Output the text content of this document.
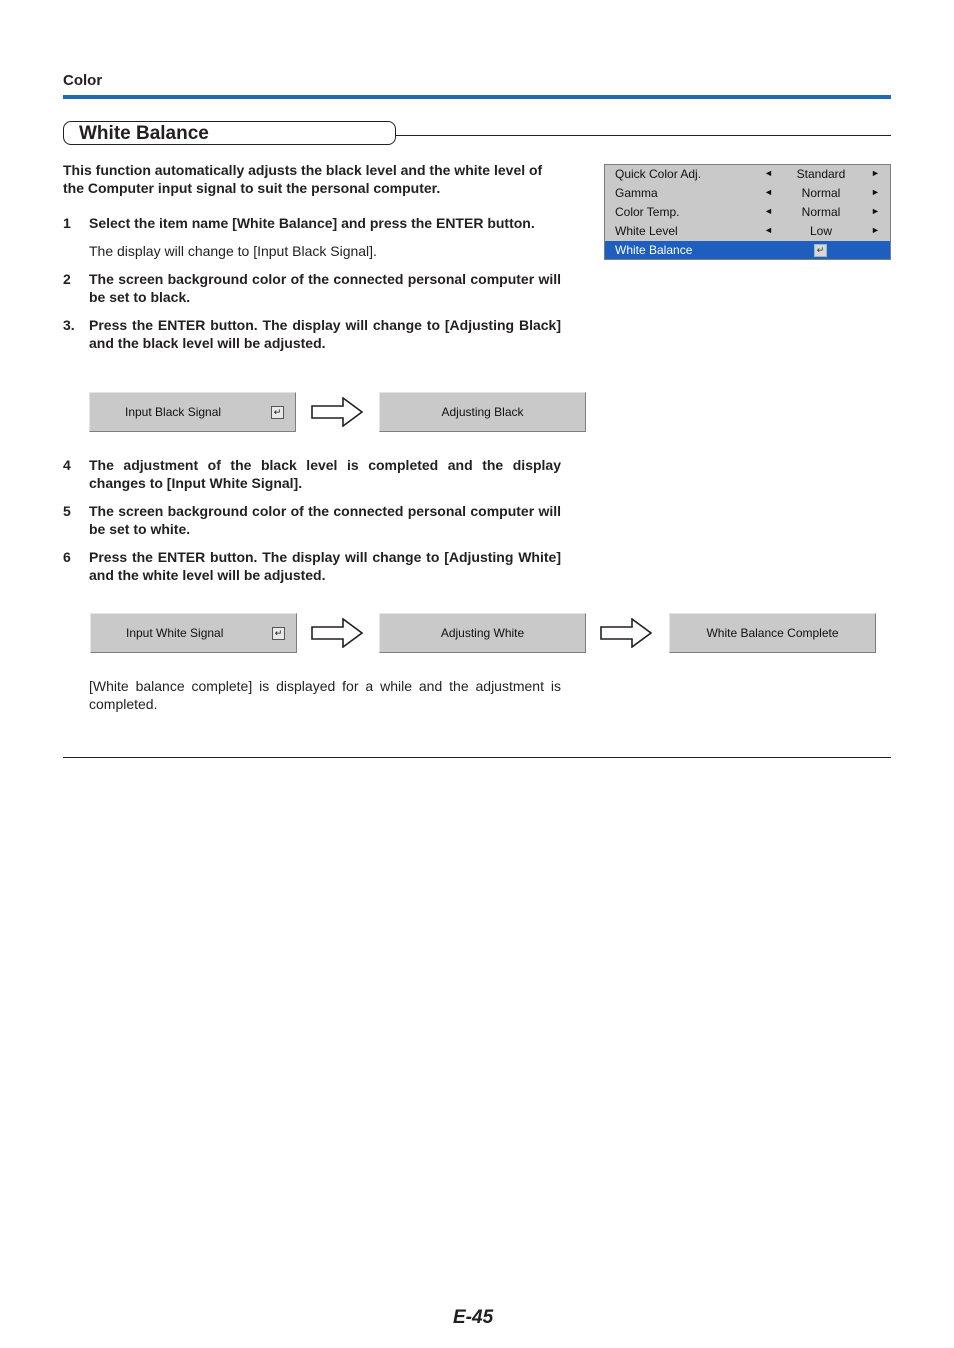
Color
White Balance
This function automatically adjusts the black level and the white level of the Computer input signal to suit the personal computer.
1 Select the item name [White Balance] and press the ENTER button.
The display will change to [Input Black Signal].
2 The screen background color of the connected personal computer will be set to black.
3. Press the ENTER button. The display will change to [Adjusting Black] and the black level will be adjusted.
Quick Color Adj.	◄	Standard	►
Gamma	◄	Normal	►
Color Temp.	◄	Normal	►
White Level	◄	Low	►
White Balance	↵
Input Black Signal	↵	Adjusting Black
4 The adjustment of the black level is completed and the display changes to [Input White Signal].
5 The screen background color of the connected personal computer will be set to white.
6 Press the ENTER button. The display will change to [Adjusting White] and the white level will be adjusted.
Input White Signal	↵	Adjusting White	White Balance Complete
[White balance complete] is displayed for a while and the adjustment is completed.
E-45
